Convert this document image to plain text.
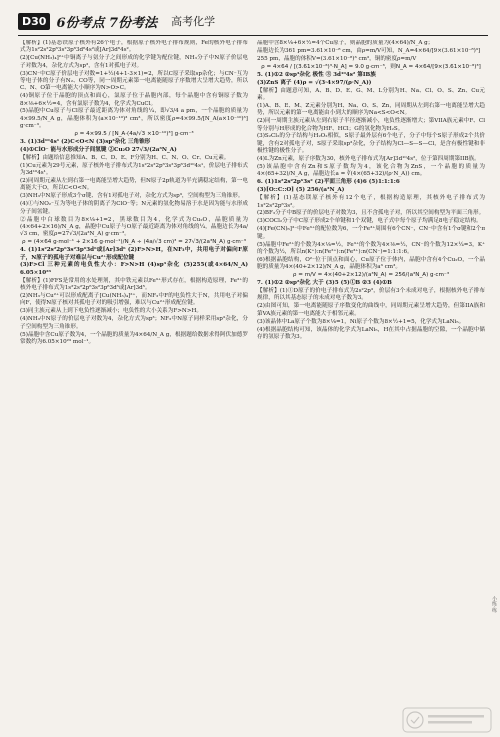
D30 6份考点 7份考法 高考化学

【解析】(1)基态铁原子核外有26个电子，根据原子核外电子排布规则，Fe的核外电子排布式为1s²2s²2p⁶3s²3p⁶3d⁶4s²或[Ar]3d⁶4s²。

(2)[Cu(NH₃)₄]²⁺中铜离子与氨分子之间形成的化学键为配位键，NH₃分子中N原子价层电子对数为4，杂化方式为sp³，含有1对孤电子对。

(3)CN⁻中C原子价层电子对数=1+½(4+1-3×1)=2，所以C原子采取sp杂化；与CN⁻互为等电子体的分子有N₂、CO等，同一周期元素第一电离能随原子序数增大呈增大趋势，所以C、N、O第一电离能大小顺序为N>O>C。

(4)铜原子位于晶胞的顶点和面心，氯原子位于晶胞内部，每个晶胞中含有铜原子数为8×⅛+6×½=4，含有氯原子数为4，化学式为CuCl。

(5)晶胞中Cu原子与Cl原子最近距离为体对角线的¼，即√3/4 a pm，一个晶胞的质量为4×99.5/N_A g，晶胞体积为(a×10⁻¹⁰)³ cm³，所以密度ρ=4×99.5/[N_A(a×10⁻¹⁰)³] g·cm⁻³。

ρ = 4×99.5 / [N_A·(4a/√3 ×10⁻¹⁰)³] g·cm⁻³

3. (1)3d¹⁰4s¹ (2)C<O<N (3)sp³杂化 三角锥形

(4)①ClO⁻ 能与水形成分子间氢键 ②Cu₂O 27√3/(2a³N_A)

【解析】由题给信息推知A、B、C、D、E、F分别为H、C、N、O、Cr、Cu元素。

(1)Cu元素为29号元素，原子核外电子排布式为1s²2s²2p⁶3s²3p⁶3d¹⁰4s¹，价层电子排布式为3d¹⁰4s¹。

(2)同周期元素从左到右第一电离能呈增大趋势，但N原子2p轨道为半充满稳定结构，第一电离能大于O，所以C<O<N。

(3)NH₃中N原子形成3个σ键、含有1对孤电子对，杂化方式为sp³，空间构型为三角锥形。

(4)①与NO₂⁻互为等电子体的阴离子为ClO⁻等；N元素的氢化物易溶于水是因为能与水形成分子间氢键。

②晶胞中白球数目为8×⅛+1=2，黑球数目为4，化学式为Cu₂O，晶胞质量为(4×64+2×16)/N_A g，晶胞中Cu原子与O原子最近距离为体对角线的¼，晶胞边长为4a/√3 cm，密度ρ=27√3/(2a³N_A) g·cm⁻³。

ρ = (4×64 g·mol⁻¹ + 2×16 g·mol⁻¹)/N_A ÷ (4a/√3 cm)³ = 27√3/(2a³N_A) g·cm⁻³

4. (1)1s²2s²2p⁶3s²3p⁶3d⁶或[Ar]3d⁶ (2)F>N>H，在NF₃中，共用电子对偏向F原子，N原子的孤电子对难以与Cu²⁺形成配位键

(3)F>Cl 三种元素的电负性大小：F>N>H (4)sp³杂化 (5)255(或4×64/N_A) 6.05×10²³

【解析】(1)FFS是常用的水处理剂，其中铁元素以Fe³⁺形式存在，根据构造原理，Fe³⁺的核外电子排布式为1s²2s²2p⁶3s²3p⁶3d⁵或[Ar]3d⁵。

(2)NH₃与Cu²⁺可以形成配离子[Cu(NH₃)₄]²⁺，而NF₃中F的电负性大于N，共用电子对偏向F，使得N原子核对其孤电子对的吸引增强，难以与Cu²⁺形成配位键。

(3)同主族元素从上到下电负性逐渐减小；电负性的大小关系为F>N>H。

(4)NH₃中N原子的价层电子对数为4，杂化方式为sp³；NF₃中N原子同样采用sp³杂化，分子空间构型为三角锥形。

(5)晶胞中含Cu原子数为4，一个晶胞的质量为4×64/N_A g，根据题给数据求得阿伏加德罗常数约为6.05×10²³ mol⁻¹。

晶胞中含8×⅛+6×½=4个Cu原子，则晶胞的质量为(4×64)/N_A g；

晶胞边长为361 pm=3.61×10⁻⁸ cm，由ρ=m/V可知，N_A=4×64/[9×(3.61×10⁻⁸)³]

255 pm，晶胞的体积V=(3.61×10⁻⁸)³ cm³，铜的密度ρ=m/V

ρ = 4×64 / [(3.61×10⁻⁸)³·N_A] = 9.0 g·cm⁻³，则N_A = 4×64/[9×(3.61×10⁻⁸)³]

5. (1)①2 ②sp³杂化 极性 ③ 3d¹⁰4s² 第IB族

(3)ZnS 离子 (4)ρ = √(3·4×97/(ρ·N_A))

【解析】由题意可知，A、B、D、E、G、M、L分别为H、Na、Cl、O、S、Zn、Cu元素。

(1)A、B、E、M、Z元素分别为H、Na、O、S、Zn，同周期从左到右第一电离能呈增大趋势，所以元素的第一电离能由小到大的顺序为Na<S<O<N。

(2)同一周期主族元素从左到右原子半径逐渐减小，电负性逐渐增大；第VIIA族元素中F、Cl等分别与H形成的化合物为HF、HCl；G的氢化物为H₂S。

(3)S₂Cl₂的分子结构与H₂O₂相似，S原子最外层有6个电子，分子中每个S原子形成2个共价键，含有2对孤电子对，S原子采取sp³杂化，分子结构为Cl—S—S—Cl，是含有极性键和非极性键的极性分子。

(4)L为Zn元素，原子序数为30，核外电子排布式为[Ar]3d¹⁰4s²，位于第四周期第IIB族。

(5)该晶胞中含有Zn和S原子数均为4，该化合物为ZnS，一个晶胞的质量为4×(65+32)/N_A g，晶胞边长a = ∛(4×(65+32)/(ρ·N_A)) cm。

6. (1)1s²2s²2p⁶3s² (2)平面三角形 (4)6 (5)1:1:1:6

(3)[O::C::O] (5) 256/(a³N_A)

【解析】(1)基态镁原子核外有12个电子，根据构造原理，其核外电子排布式为1s²2s²2p⁶3s²。

(2)BF₃分子中B原子的价层电子对数为3，且不含孤电子对，所以其空间构型为平面三角形。

(3)COCl₂分子中C原子形成2个单键和1个双键，电子式中每个原子均满足8电子稳定结构。

(4)[Fe(CN)₆]³⁻中Fe³⁺的配位数为6，一个Fe³⁺周围有6个CN⁻，CN⁻中含有1个σ键和2个π键。

(5)晶胞中Fe²⁺的个数为4×⅛=½，Fe³⁺的个数为4×⅛=½，CN⁻的个数为12×¼=3，K⁺的个数为½，所以n(K⁺):n(Fe²⁺):n(Fe³⁺):n(CN⁻)=1:1:1:6。

(6)根据晶胞结构，O²⁻位于顶点和面心，Cu原子位于体内，晶胞中含有4个Cu₂O，一个晶胞的质量为4×(40+2×12)/N_A g，晶胞体积为a³ cm³。

ρ = m/V = 4×(40+2×12)/(a³N_A) = 256/(a³N_A) g·cm⁻³

7. (1)①2 ②sp²杂化 大于 (3)5 (5)①B ②3 (4)①B

【解析】(1)①D原子的价电子排布式为2s²2p³，价层有3个未成对电子，根据核外电子排布规律，所以其基态原子的未成对电子数为3。

(2)由图可知，第一电离能随原子序数变化的曲线中，同周期元素呈增大趋势，但第IIA族和第VA族元素的第一电离能大于相邻元素。

(3)该晶体中La原子个数为8×⅛=1，Ni原子个数为8×½+1=5，化学式为LaNi₅。

(4)根据晶胞结构可知，该晶体的化学式为LaNi₅，H在其中占据晶胞的空隙，一个晶胞中储存的氢原子数为3。

小练·练
